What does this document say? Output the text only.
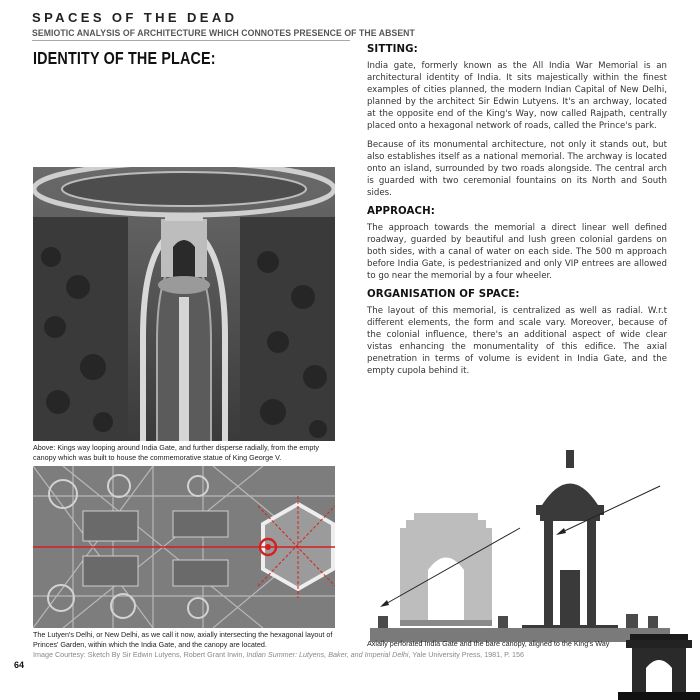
SPACES OF THE DEAD
SEMIOTIC ANALYSIS OF ARCHITECTURE WHICH CONNOTES PRESENCE OF THE ABSENT
IDENTITY OF THE PLACE:	SITTING:

India gate, formerly known as the All India War Memorial is an architectural identity of India. It sits majestically within the finest examples of cities planned, the modern Indian Capital of New Delhi, planned by the architect Sir Edwin Lutyens. It's an archway, located at the opposite end of the King's Way, now called Rajpath, centrally placed onto a hexagonal network of roads, called the Prince's park.

Because of its monumental architecture, not only it stands out, but also establishes itself as a national memorial. The archway is located onto an island, surrounded by two roads alongside. The central arch is guarded with two ceremonial fountains on its North and South sides.

APPROACH:

The approach towards the memorial a direct linear well defined roadway, guarded by beautiful and lush green colonial gardens on both sides, with a canal of water on each side. The 500 m approach before India Gate, is pedestrianized and only VIP entrees are allowed to go near the memorial by a four wheeler.

ORGANISATION OF SPACE:

The layout of this memorial, is centralized as well as radial. W.r.t different elements, the form and scale vary. Moreover, because of the colonial influence, there's an additional aspect of wide clear vistas enhancing the monumentality of this edifice. The axial penetration in terms of volume is evident in India Gate, and the empty cupola behind it.

Above: Kings way looping around India Gate, and further disperse radially, from the empty canopy which was built to house the commemorative statue of King George V.
The Lutyen's Delhi, or New Delhi, as we call it now, axially intersecting the hexagonal layout of Princes' Garden, within which the India Gate, and the canopy are located.	Axially perforated India Gate and the bare canopy, aligned to the King's Way
Image Courtesy: Sketch By Sir Edwin Lutyens, Robert Grant Irwin, Indian Summer: Lutyens, Baker, and Imperial Delhi, Yale University Press, 1981, P. 156
64
